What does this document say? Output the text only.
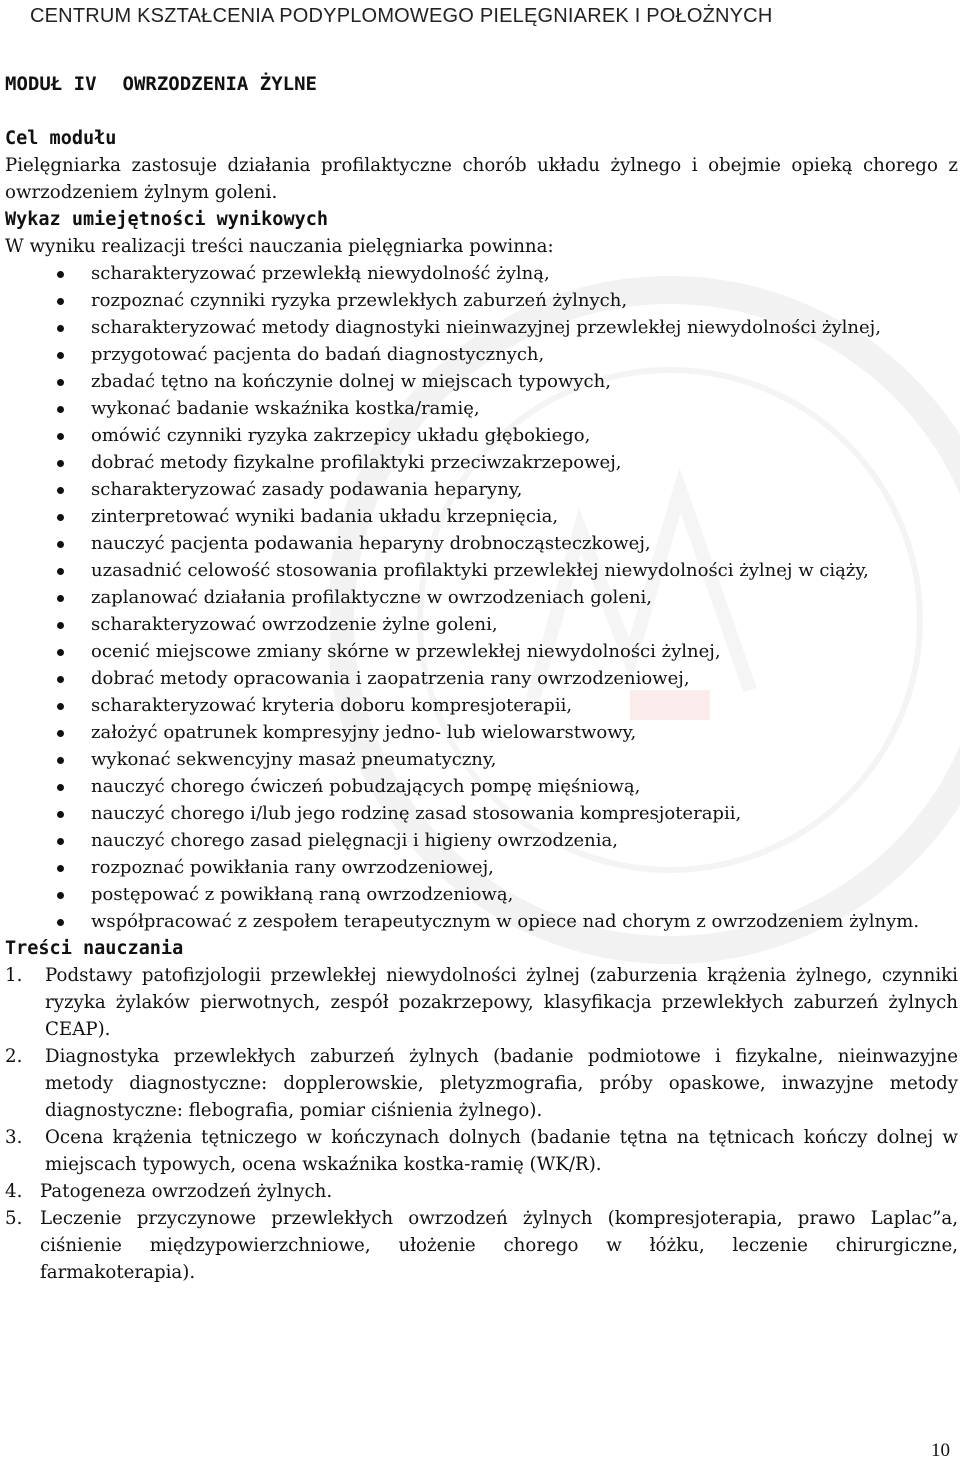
CENTRUM KSZTAŁCENIA PODYPLOMOWEGO PIELĘGNIAREK I POŁOŻNYCH
MODUŁ IV OWRZODZENIA ŻYLNE
Cel modułu

Pielęgniarka zastosuje działania profilaktyczne chorób układu żylnego i obejmie opieką chorego z owrzodzeniem żylnym goleni.

Wykaz umiejętności wynikowych

W wyniku realizacji treści nauczania pielęgniarka powinna:

scharakteryzować przewlekłą niewydolność żylną,
rozpoznać czynniki ryzyka przewlekłych zaburzeń żylnych,
scharakteryzować metody diagnostyki nieinwazyjnej przewlekłej niewydolności żylnej,
przygotować pacjenta do badań diagnostycznych,
zbadać tętno na kończynie dolnej w miejscach typowych,
wykonać badanie wskaźnika kostka/ramię,
omówić czynniki ryzyka zakrzepicy układu głębokiego,
dobrać metody fizykalne profilaktyki przeciwzakrzepowej,
scharakteryzować zasady podawania heparyny,
zinterpretować wyniki badania układu krzepnięcia,
nauczyć pacjenta podawania heparyny drobnocząsteczkowej,
uzasadnić celowość stosowania profilaktyki przewlekłej niewydolności żylnej w ciąży,
zaplanować działania profilaktyczne w owrzodzeniach goleni,
scharakteryzować owrzodzenie żylne goleni,
ocenić miejscowe zmiany skórne w przewlekłej niewydolności żylnej,
dobrać metody opracowania i zaopatrzenia rany owrzodzeniowej,
scharakteryzować kryteria doboru kompresjoterapii,
założyć opatrunek kompresyjny jedno- lub wielowarstwowy,
wykonać sekwencyjny masaż pneumatyczny,
nauczyć chorego ćwiczeń pobudzających pompę mięśniową,
nauczyć chorego i/lub jego rodzinę zasad stosowania kompresjoterapii,
nauczyć chorego zasad pielęgnacji i higieny owrzodzenia,
rozpoznać powikłania rany owrzodzeniowej,
postępować z powikłaną raną owrzodzeniową,
współpracować z zespołem terapeutycznym w opiece nad chorym z owrzodzeniem żylnym.
Treści nauczania
1. Podstawy patofizjologii przewlekłej niewydolności żylnej (zaburzenia krążenia żylnego, czynniki ryzyka żylaków pierwotnych, zespół pozakrzepowy, klasyfikacja przewlekłych zaburzeń żylnych CEAP).
2. Diagnostyka przewlekłych zaburzeń żylnych (badanie podmiotowe i fizykalne, nieinwazyjne metody diagnostyczne: dopplerowskie, pletyzmografia, próby opaskowe, inwazyjne metody diagnostyczne: flebografia, pomiar ciśnienia żylnego).
3. Ocena krążenia tętniczego w kończynach dolnych (badanie tętna na tętnicach kończy dolnej w miejscach typowych, ocena wskaźnika kostka-ramię (WK/R).
4. Patogeneza owrzodzeń żylnych.
5. Leczenie przyczynowe przewlekłych owrzodzeń żylnych (kompresjoterapia, prawo Laplac”a, ciśnienie międzypowierzchniowe, ułożenie chorego w łóżku, leczenie chirurgiczne, farmakoterapia).
10
